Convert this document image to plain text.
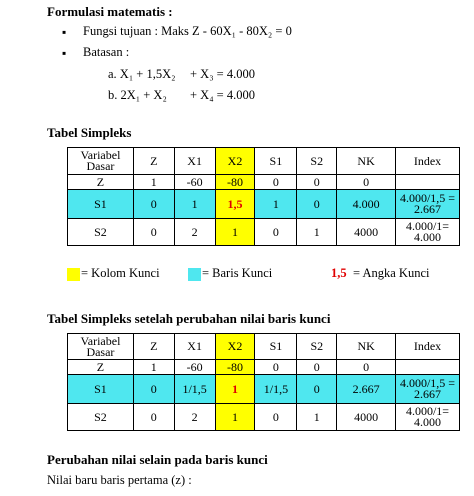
Formulasi matematis :
▪ Fungsi tujuan : Maks Z - 60X₁ - 80X₂ = 0
▪ Batasan :
a. X₁ + 1,5X₂ + X₃ = 4.000
b. 2X₁ + X₂ + X₄ = 4.000
Tabel Simpleks
Variabel Dasar	Z	X1	X2	S1	S2	NK	Index
Z	1	-60	-80	0	0	0	
S1	0	1	1,5	1	0	4.000	4.000/1,5 = 2.667
S2	0	2	1	0	1	4000	4.000/1= 4.000
= Kolom Kunci	= Baris Kunci	1,5 = Angka Kunci
Tabel Simpleks setelah perubahan nilai baris kunci
Variabel Dasar	Z	X1	X2	S1	S2	NK	Index
Z	1	-60	-80	0	0	0	
S1	0	1/1,5	1	1/1,5	0	2.667	4.000/1,5 = 2.667
S2	0	2	1	0	1	4000	4.000/1= 4.000
Perubahan nilai selain pada baris kunci
Nilai baru baris pertama (z) :
